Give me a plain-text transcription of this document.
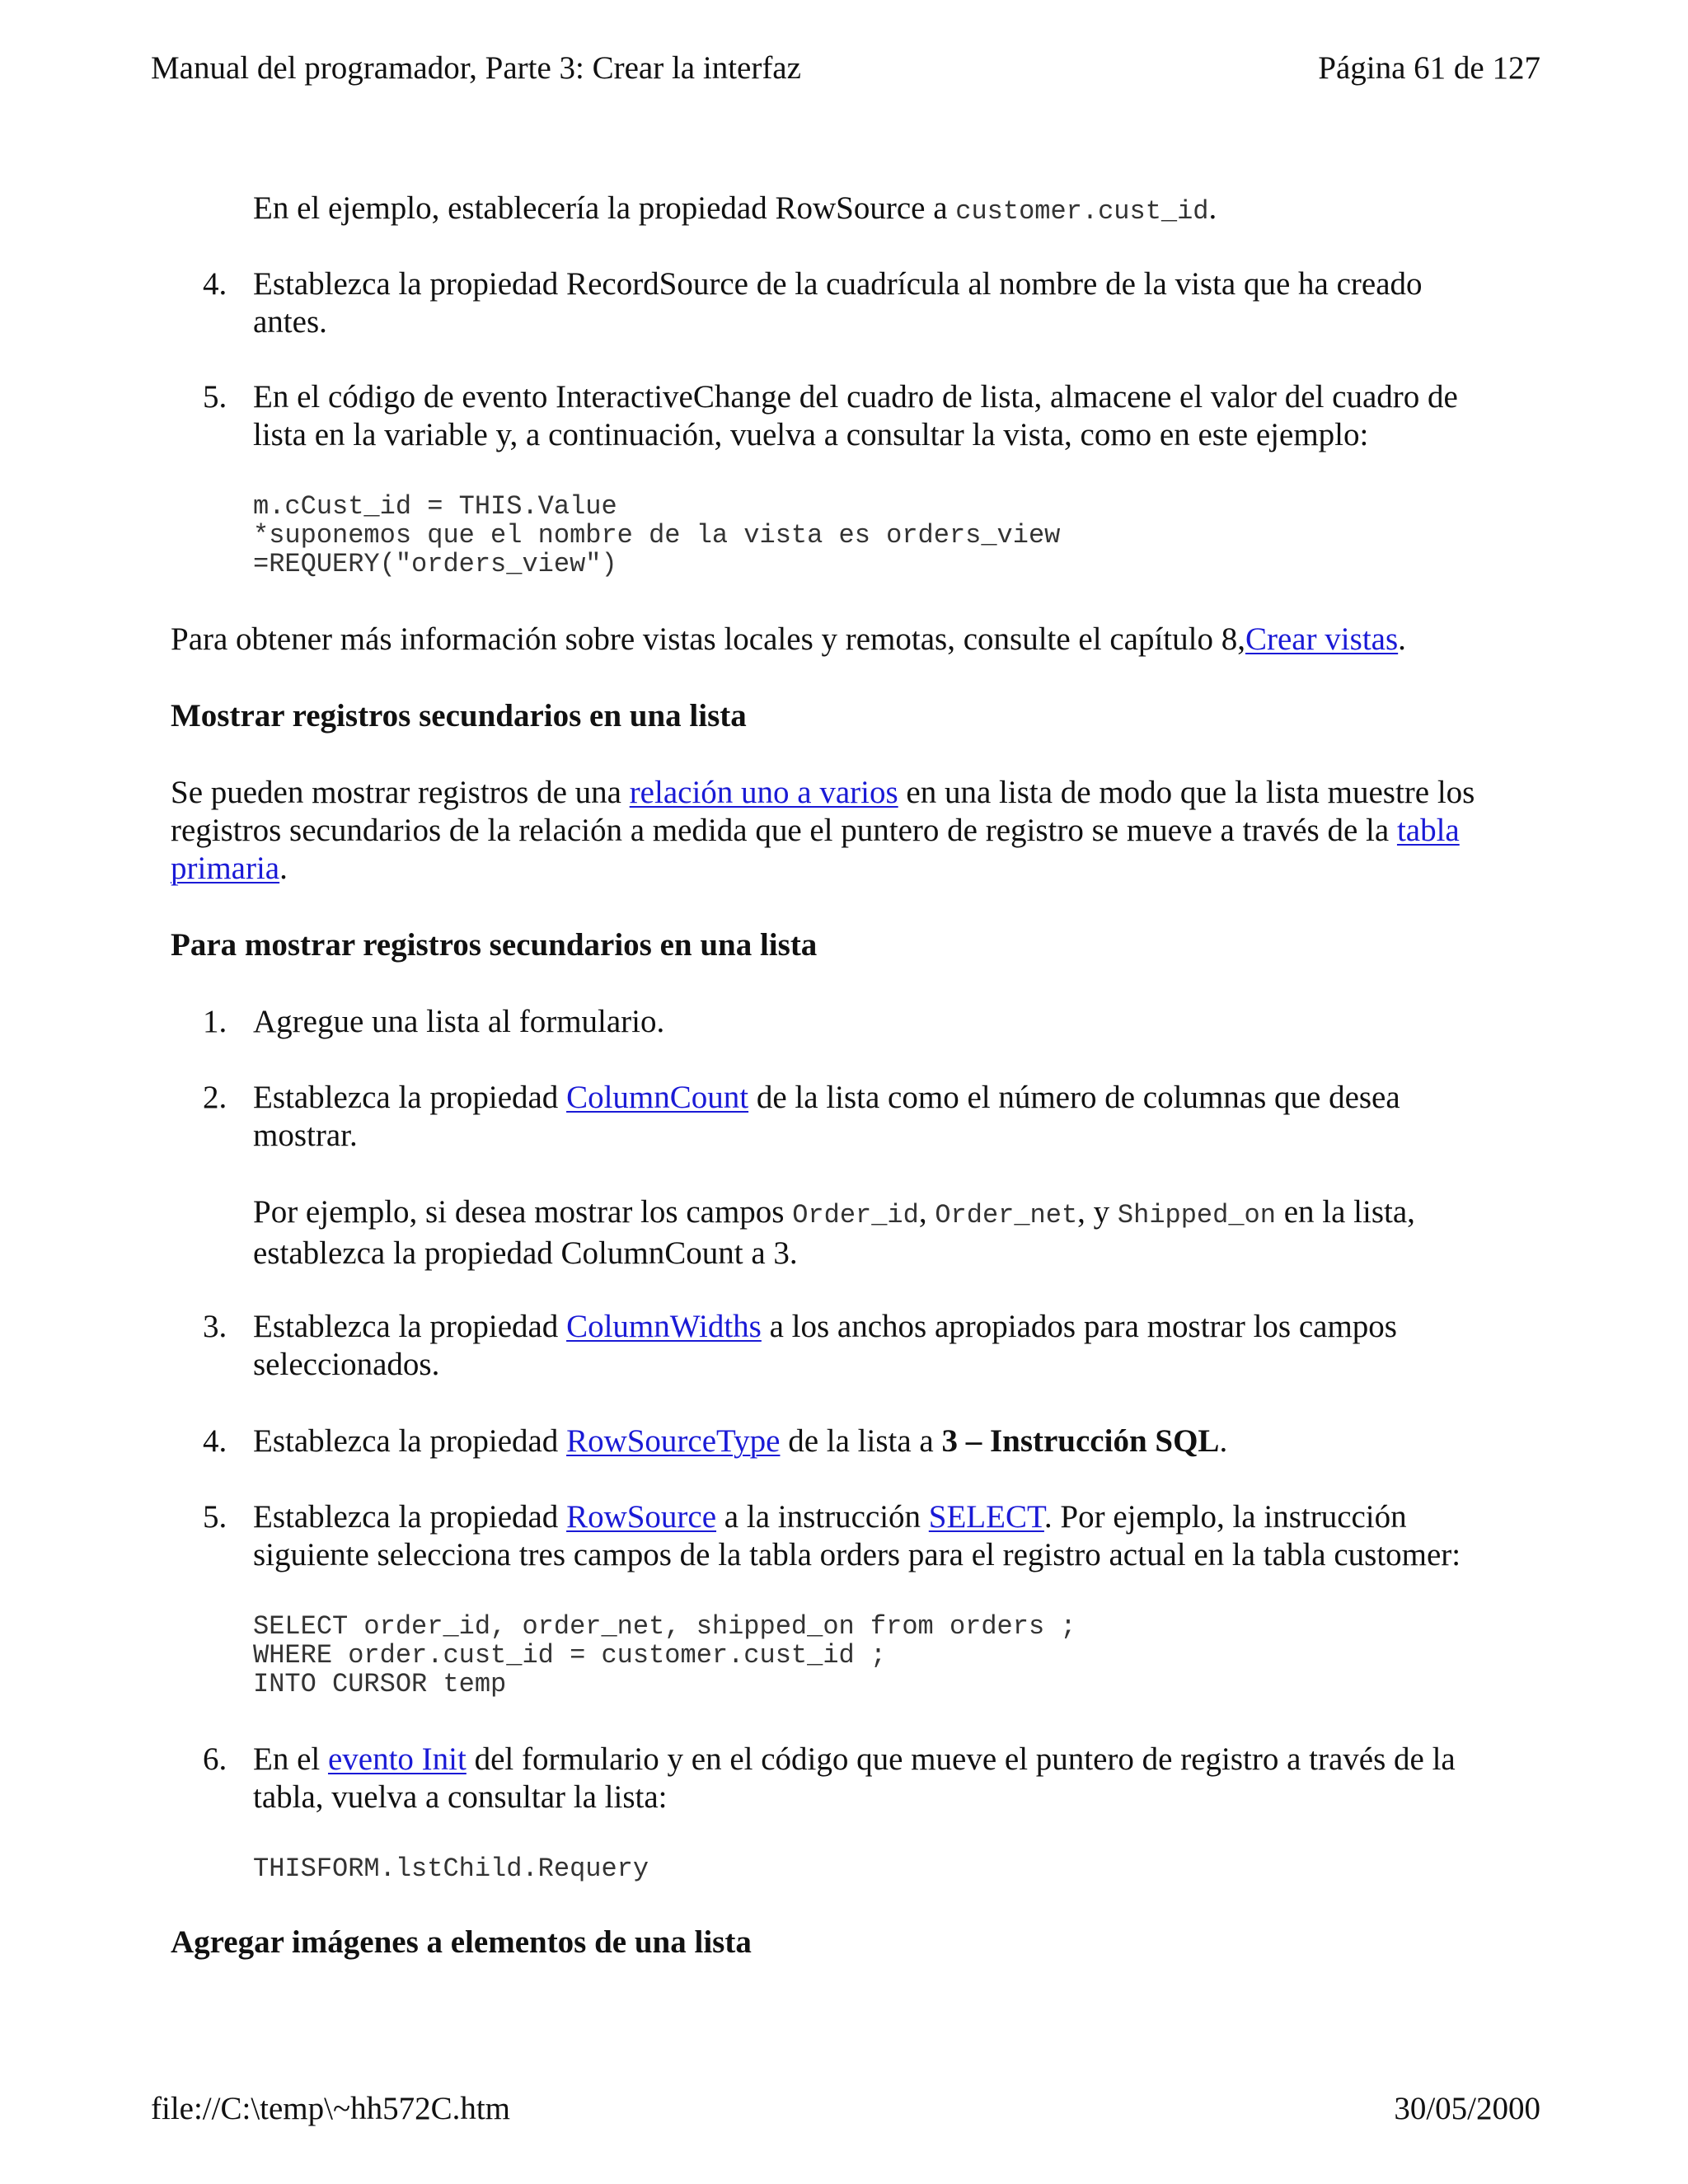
Manual del programador, Parte 3: Crear la interfaz	Página 61 de 127
En el ejemplo, establecería la propiedad RowSource a customer.cust_id.
4. Establezca la propiedad RecordSource de la cuadrícula al nombre de la vista que ha creado
antes.
5. En el código de evento InteractiveChange del cuadro de lista, almacene el valor del cuadro de
lista en la variable y, a continuación, vuelva a consultar la vista, como en este ejemplo:
m.cCust_id = THIS.Value
*suponemos que el nombre de la vista es orders_view
=REQUERY("orders_view")
Para obtener más información sobre vistas locales y remotas, consulte el capítulo 8,Crear vistas.
Mostrar registros secundarios en una lista
Se pueden mostrar registros de una relación uno a varios en una lista de modo que la lista muestre los
registros secundarios de la relación a medida que el puntero de registro se mueve a través de la tabla
primaria.
Para mostrar registros secundarios en una lista
1. Agregue una lista al formulario.
2. Establezca la propiedad ColumnCount de la lista como el número de columnas que desea
mostrar.
Por ejemplo, si desea mostrar los campos Order_id, Order_net, y Shipped_on en la lista,
establezca la propiedad ColumnCount a 3.
3. Establezca la propiedad ColumnWidths a los anchos apropiados para mostrar los campos
seleccionados.
4. Establezca la propiedad RowSourceType de la lista a 3 – Instrucción SQL.
5. Establezca la propiedad RowSource a la instrucción SELECT. Por ejemplo, la instrucción
siguiente selecciona tres campos de la tabla orders para el registro actual en la tabla customer:
SELECT order_id, order_net, shipped_on from orders ;
WHERE order.cust_id = customer.cust_id ;
INTO CURSOR temp
6. En el evento Init del formulario y en el código que mueve el puntero de registro a través de la
tabla, vuelva a consultar la lista:
THISFORM.lstChild.Requery
Agregar imágenes a elementos de una lista
file://C:\temp\~hh572C.htm	30/05/2000
